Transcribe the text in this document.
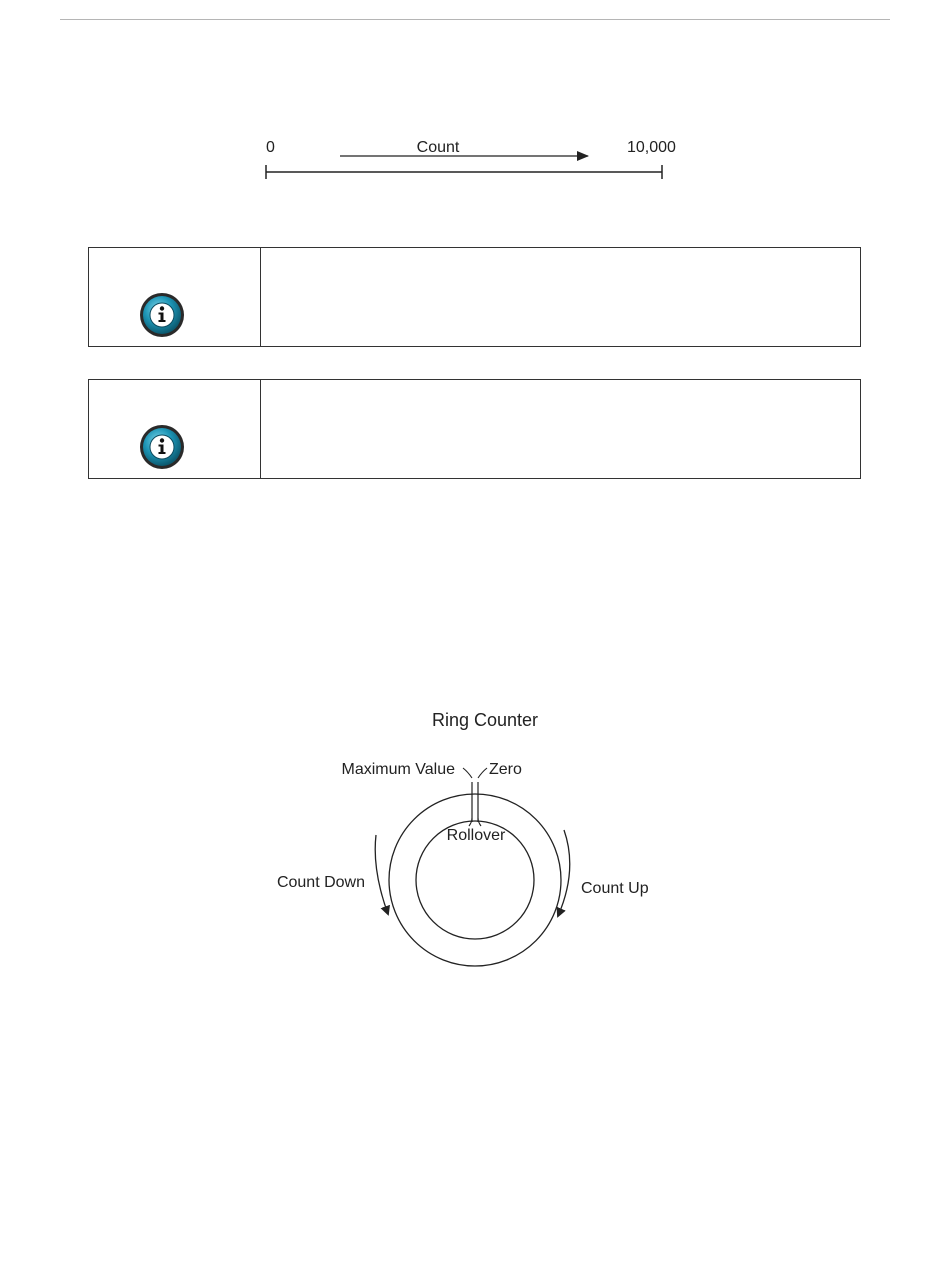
0	Count	10,000
Ring Counter
Maximum Value Zero
Rollover
Count Down	Count Up
